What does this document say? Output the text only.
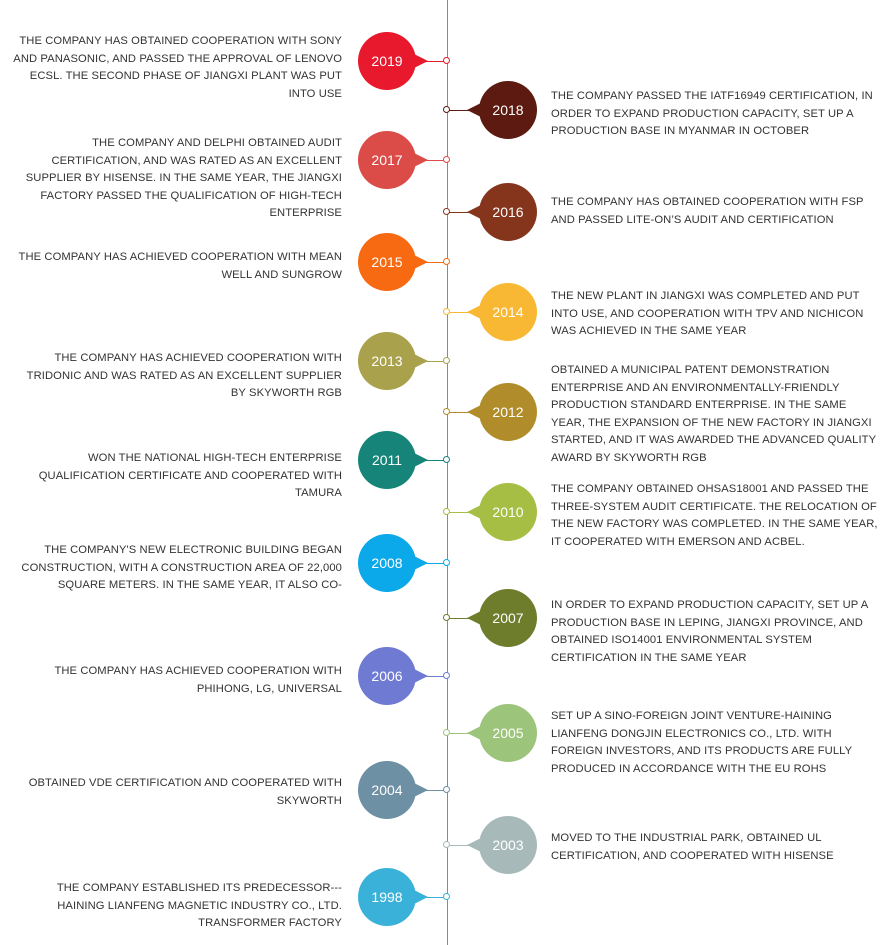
2019
THE COMPANY HAS OBTAINED COOPERATION WITH SONY AND PANASONIC, AND PASSED THE APPROVAL OF LENOVO ECSL. THE SECOND PHASE OF JIANGXI PLANT WAS PUT INTO USE
2018
THE COMPANY PASSED THE IATF16949 CERTIFICATION, IN ORDER TO EXPAND PRODUCTION CAPACITY, SET UP A PRODUCTION BASE IN MYANMAR IN OCTOBER
2017
THE COMPANY AND DELPHI OBTAINED AUDIT CERTIFICATION, AND WAS RATED AS AN EXCELLENT SUPPLIER BY HISENSE. IN THE SAME YEAR, THE JIANGXI FACTORY PASSED THE QUALIFICATION OF HIGH-TECH ENTERPRISE	2016
THE COMPANY HAS OBTAINED COOPERATION WITH FSP AND PASSED LITE-ON’S AUDIT AND CERTIFICATION
2015
THE COMPANY HAS ACHIEVED COOPERATION WITH MEAN WELL AND SUNGROW
2014
THE NEW PLANT IN JIANGXI WAS COMPLETED AND PUT INTO USE, AND COOPERATION WITH TPV AND NICHICON WAS ACHIEVED IN THE SAME YEAR
2013
THE COMPANY HAS ACHIEVED COOPERATION WITH TRIDONIC AND WAS RATED AS AN EXCELLENT SUPPLIER BY SKYWORTH RGB
2012
OBTAINED A MUNICIPAL PATENT DEMONSTRATION ENTERPRISE AND AN ENVIRONMENTALLY-FRIENDLY PRODUCTION STANDARD ENTERPRISE. IN THE SAME YEAR, THE EXPANSION OF THE NEW FACTORY IN JIANGXI STARTED, AND IT WAS AWARDED THE ADVANCED QUALITY AWARD BY SKYWORTH RGB
2011
WON THE NATIONAL HIGH-TECH ENTERPRISE QUALIFICATION CERTIFICATE AND COOPERATED WITH TAMURA
2010
THE COMPANY OBTAINED OHSAS18001 AND PASSED THE THREE-SYSTEM AUDIT CERTIFICATE. THE RELOCATION OF THE NEW FACTORY WAS COMPLETED. IN THE SAME YEAR, IT COOPERATED WITH EMERSON AND ACBEL.
2008
THE COMPANY'S NEW ELECTRONIC BUILDING BEGAN CONSTRUCTION, WITH A CONSTRUCTION AREA OF 22,000 SQUARE METERS. IN THE SAME YEAR, IT ALSO CO-
2007
IN ORDER TO EXPAND PRODUCTION CAPACITY, SET UP A PRODUCTION BASE IN LEPING, JIANGXI PROVINCE, AND OBTAINED ISO14001 ENVIRONMENTAL SYSTEM CERTIFICATION IN THE SAME YEAR
2006
THE COMPANY HAS ACHIEVED COOPERATION WITH PHIHONG, LG, UNIVERSAL
2005
SET UP A SINO-FOREIGN JOINT VENTURE-HAINING LIANFENG DONGJIN ELECTRONICS CO., LTD. WITH FOREIGN INVESTORS, AND ITS PRODUCTS ARE FULLY PRODUCED IN ACCORDANCE WITH THE EU ROHS
2004
OBTAINED VDE CERTIFICATION AND COOPERATED WITH SKYWORTH
2003 MOVED TO THE INDUSTRIAL PARK, OBTAINED UL CERTIFICATION, AND COOPERATED WITH HISENSE
1998
THE COMPANY ESTABLISHED ITS PREDECESSOR---HAINING LIANFENG MAGNETIC INDUSTRY CO., LTD. TRANSFORMER FACTORY
